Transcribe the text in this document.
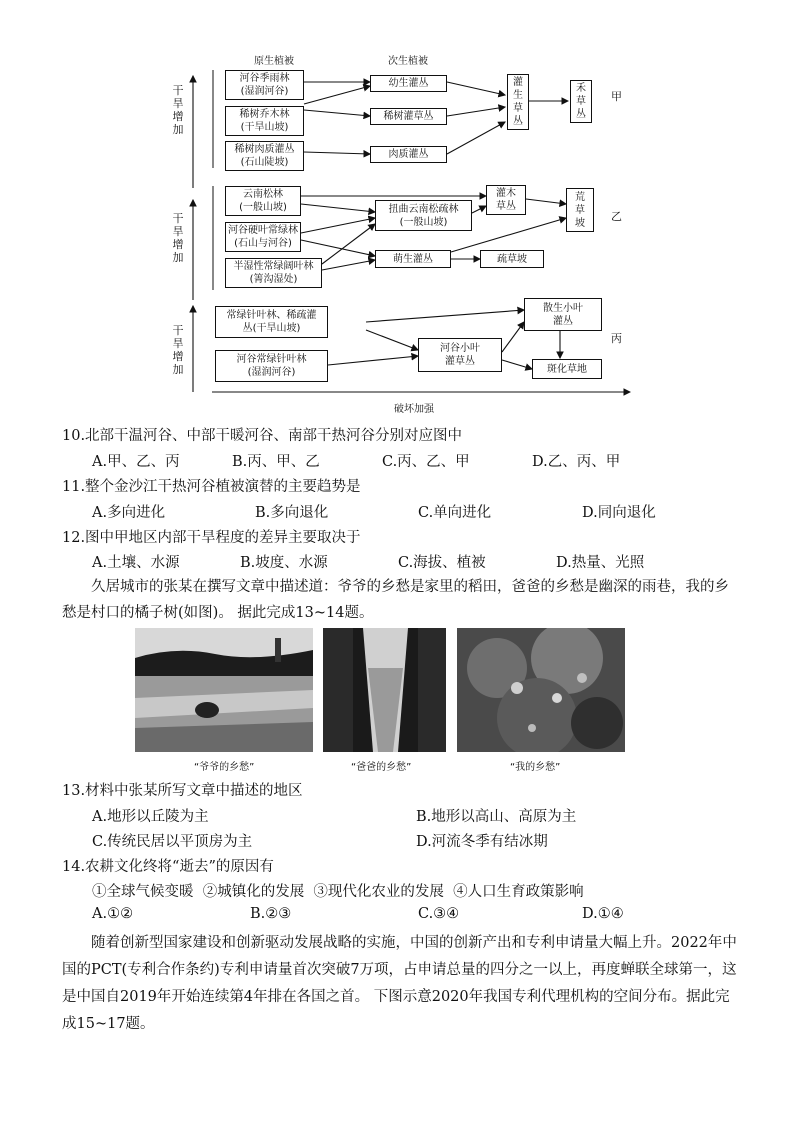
原生植被	次生植被
干
旱
增
加
干
旱
增
加
干
旱
增
加
河谷季雨林
(湿润河谷)
稀树乔木林
(干旱山坡)
稀树肉质灌丛
(石山陡坡)
幼生灌丛
稀树灌草丛
肉质灌丛
灌
生
草
丛
禾
草
丛
甲
云南松林
(一般山坡)
河谷硬叶常绿林
(石山与河谷)
半湿性常绿阔叶林
(箐沟湿处)
扭曲云南松疏林
(一般山坡)
萌生灌丛
灌木
草丛
疏草坡
荒
草
坡 乙
常绿针叶林、稀疏灌
丛(干旱山坡)
河谷常绿针叶林
(湿润河谷)
河谷小叶
灌草丛
散生小叶
灌丛
斑化草地
丙
破坏加强
10.北部干温河谷、中部干暖河谷、南部干热河谷分别对应图中
A.甲、乙、丙	B.丙、甲、乙	C.丙、乙、甲	D.乙、丙、甲
11.整个金沙江干热河谷植被演替的主要趋势是
A.多向进化	B.多向退化	C.单向进化	D.同向退化
12.图中甲地区内部干旱程度的差异主要取决于
A.土壤、水源	B.坡度、水源	C.海拔、植被	D.热量、光照
久居城市的张某在撰写文章中描述道：爷爷的乡愁是家里的稻田，爸爸的乡愁是幽深的雨巷，我的乡愁是村口的橘子树(如图)。 据此完成13~14题。
“爷爷的乡愁”	“爸爸的乡愁”	“我的乡愁”
13.材料中张某所写文章中描述的地区
A.地形以丘陵为主	B.地形以高山、高原为主
C.传统民居以平顶房为主	D.河流冬季有结冰期
14.农耕文化终将“逝去”的原因有
①全球气候变暖  ②城镇化的发展  ③现代化农业的发展  ④人口生育政策影响
A.①②	B.②③	C.③④	D.①④
随着创新型国家建设和创新驱动发展战略的实施，中国的创新产出和专利申请量大幅上升。2022年中国的PCT(专利合作条约)专利申请量首次突破7万项，占申请总量的四分之一以上，再度蝉联全球第一，这是中国自2019年开始连续第4年排在各国之首。 下图示意2020年我国专利代理机构的空间分布。据此完成15~17题。
